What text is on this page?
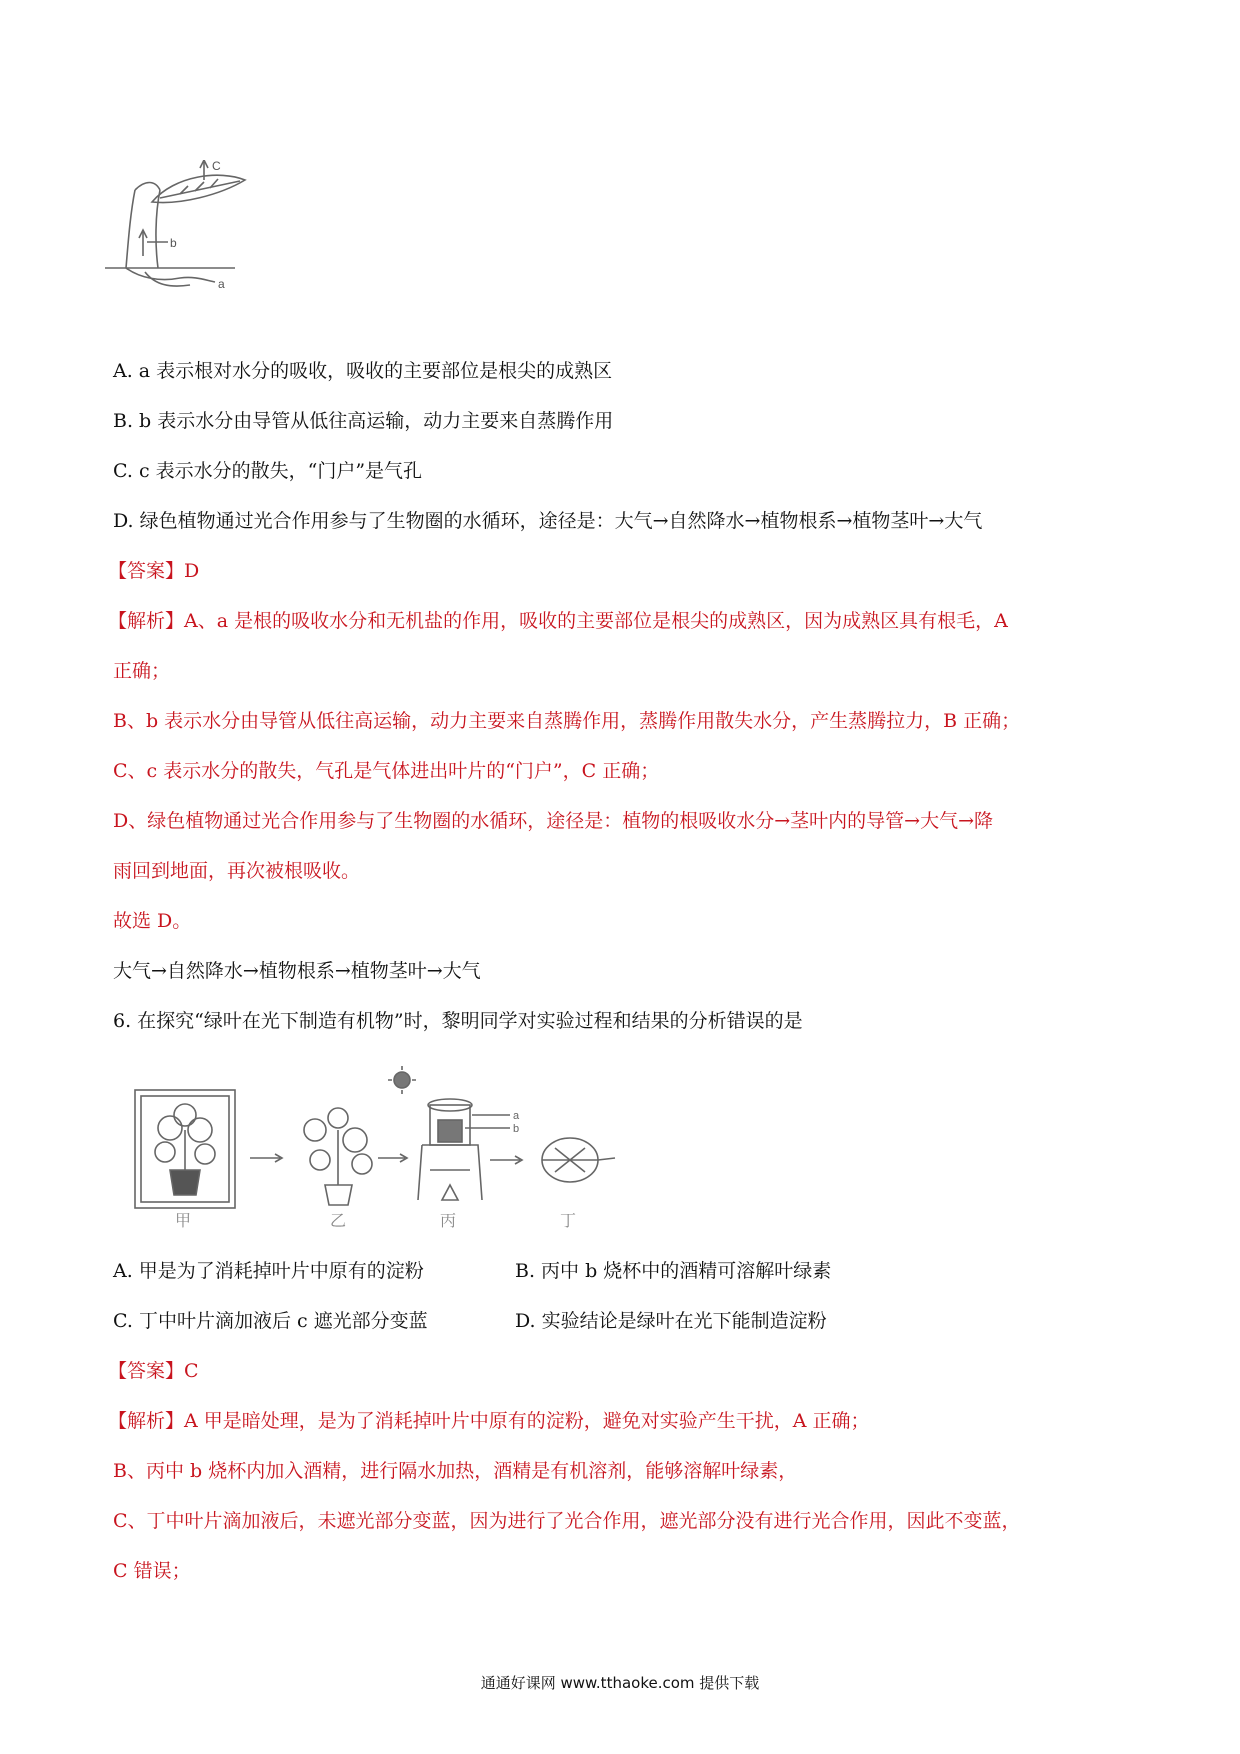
C
b
a
A. a 表示根对水分的吸收，吸收的主要部位是根尖的成熟区
B. b 表示水分由导管从低往高运输，动力主要来自蒸腾作用
C. c 表示水分的散失，“门户”是气孔
D. 绿色植物通过光合作用参与了生物圈的水循环，途径是：大气→自然降水→植物根系→植物茎叶→大气
【答案】D
【解析】A、a 是根的吸收水分和无机盐的作用，吸收的主要部位是根尖的成熟区，因为成熟区具有根毛，A
正确；
B、b 表示水分由导管从低往高运输，动力主要来自蒸腾作用，蒸腾作用散失水分，产生蒸腾拉力，B 正确；
C、c 表示水分的散失，气孔是气体进出叶片的“门户”，C 正确；
D、绿色植物通过光合作用参与了生物圈的水循环，途径是：植物的根吸收水分→茎叶内的导管→大气→降
雨回到地面，再次被根吸收。
故选 D。
大气→自然降水→植物根系→植物茎叶→大气
6. 在探究“绿叶在光下制造有机物”时，黎明同学对实验过程和结果的分析错误的是
a
b
甲	乙	丙	丁
A. 甲是为了消耗掉叶片中原有的淀粉	B. 丙中 b 烧杯中的酒精可溶解叶绿素
C. 丁中叶片滴加液后 c 遮光部分变蓝	D. 实验结论是绿叶在光下能制造淀粉
【答案】C
【解析】A 甲是暗处理，是为了消耗掉叶片中原有的淀粉，避免对实验产生干扰，A 正确；
B、丙中 b 烧杯内加入酒精，进行隔水加热，酒精是有机溶剂，能够溶解叶绿素，
C、丁中叶片滴加液后，未遮光部分变蓝，因为进行了光合作用，遮光部分没有进行光合作用，因此不变蓝，
C 错误；
通通好课网 www.tthaoke.com 提供下载
